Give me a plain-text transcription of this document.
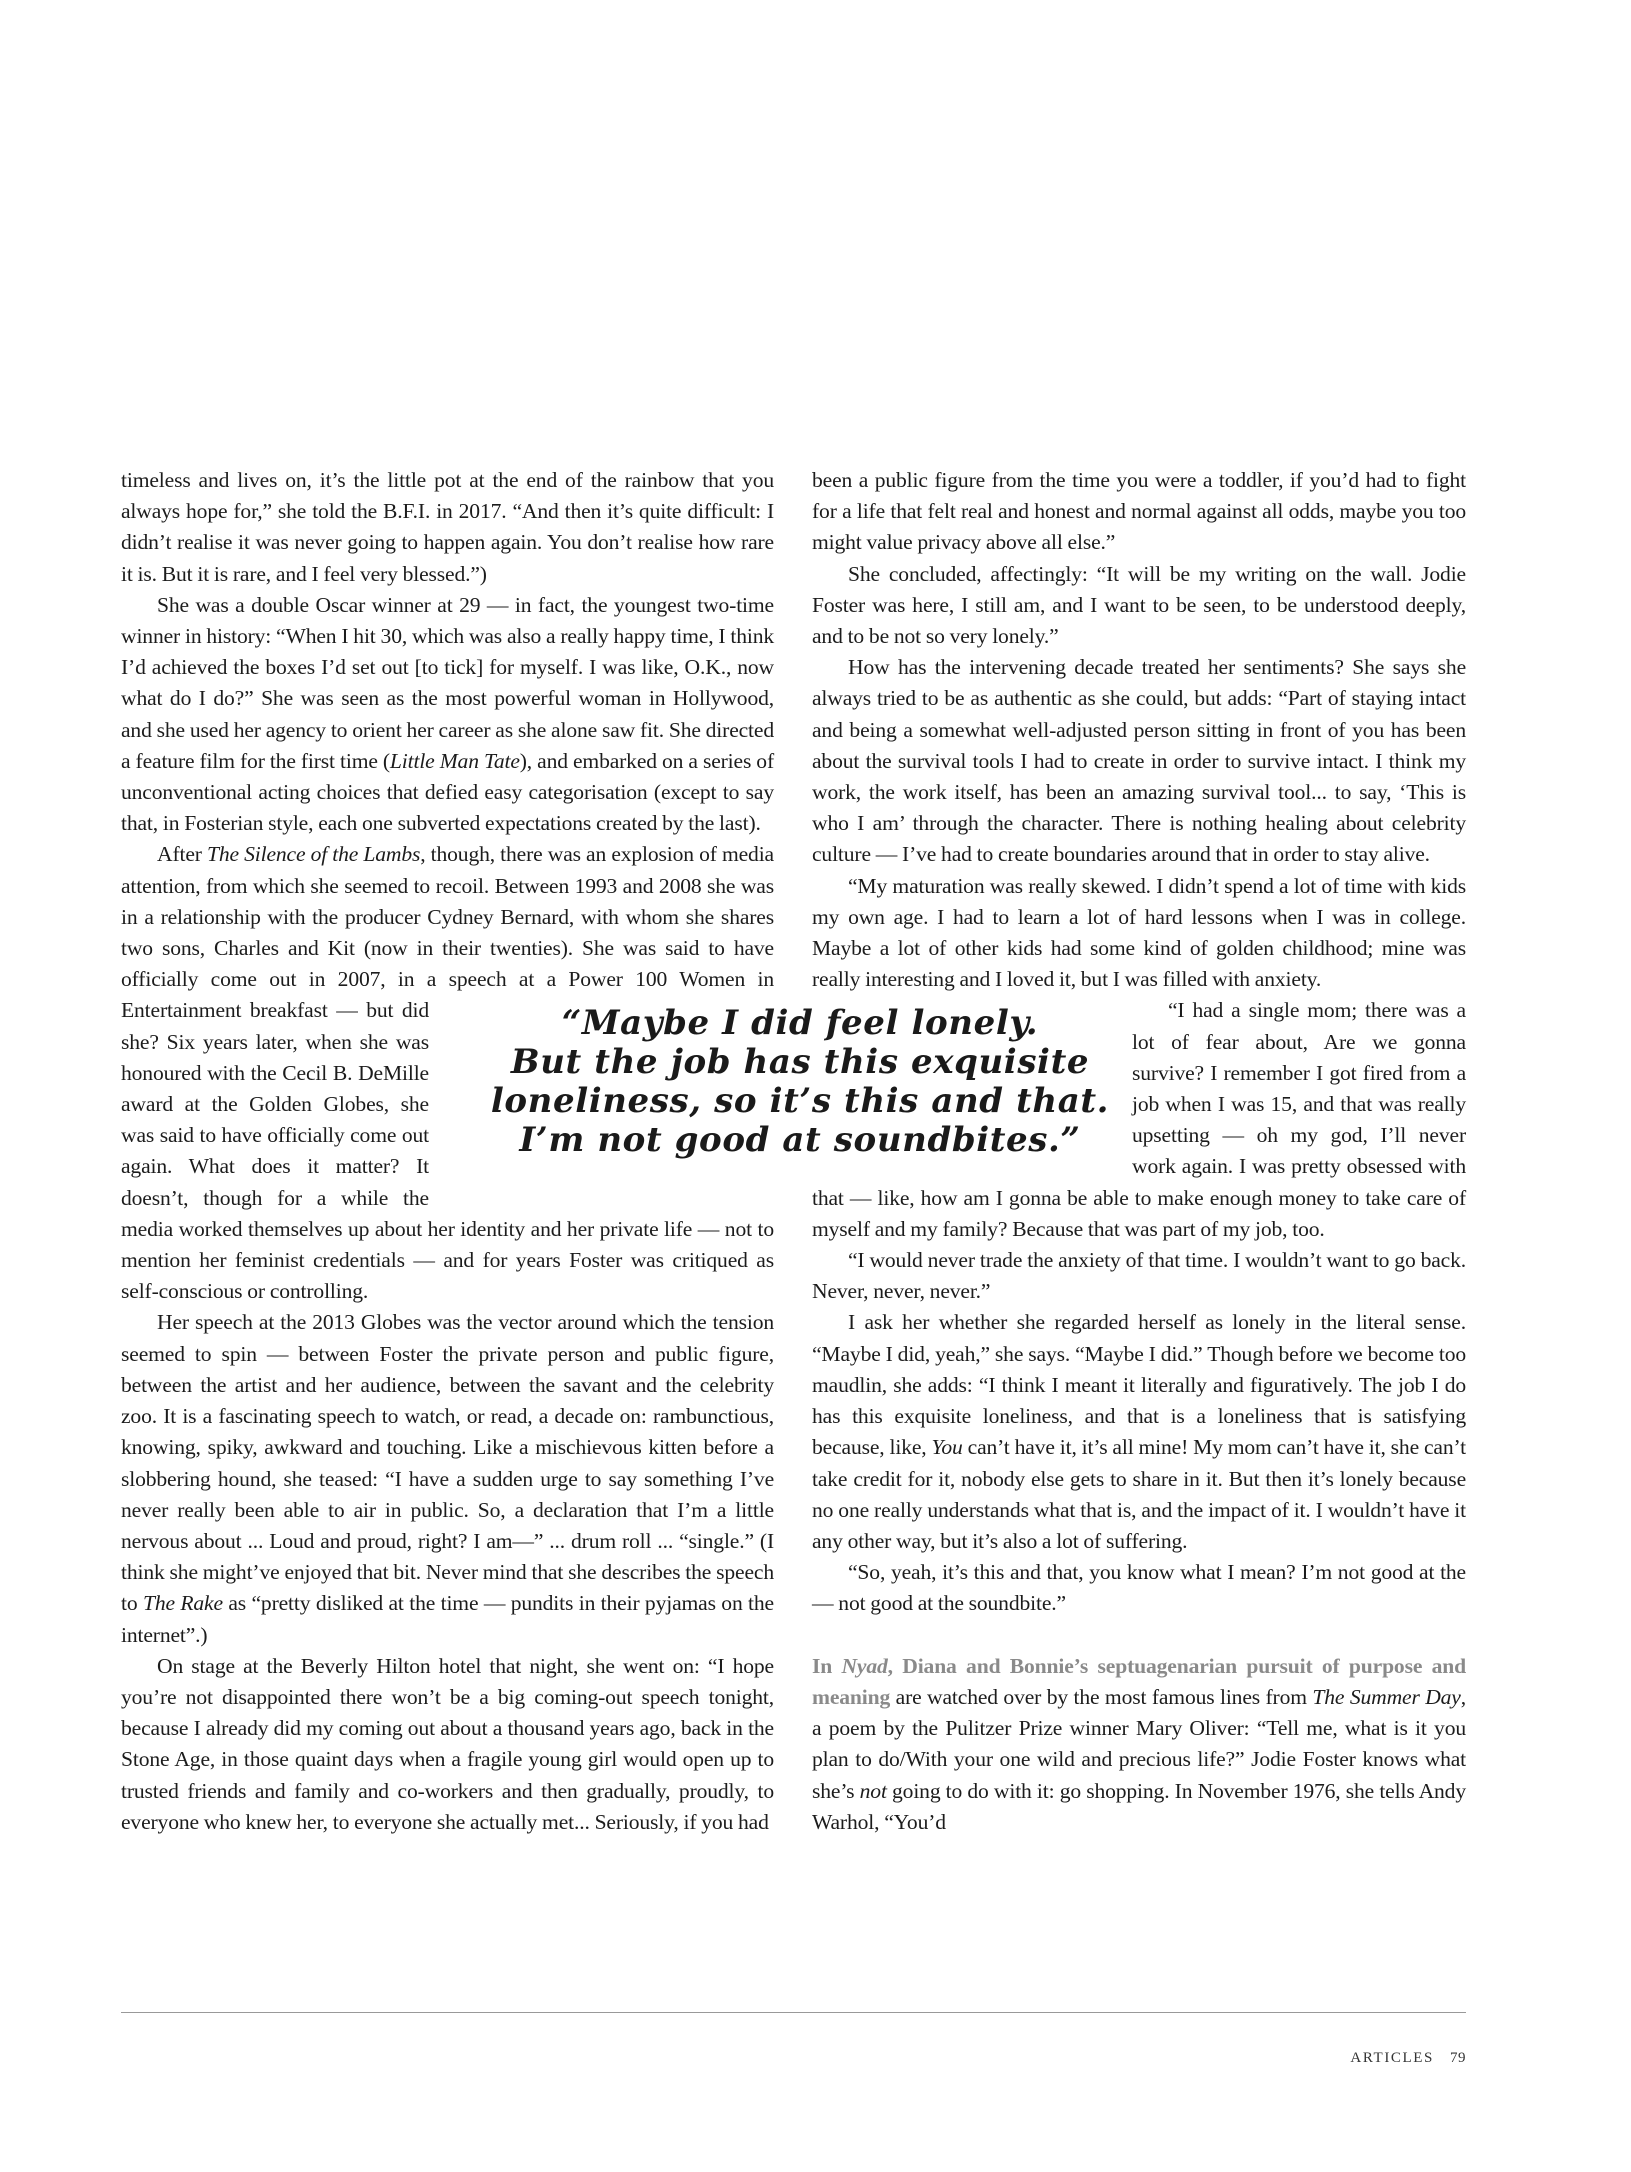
timeless and lives on, it’s the little pot at the end of the rainbow that you always hope for,” she told the B.F.I. in 2017. “And then it’s quite difficult: I didn’t realise it was never going to happen again. You don’t realise how rare it is. But it is rare, and I feel very blessed.”)

She was a double Oscar winner at 29 — in fact, the youngest two-time winner in history: “When I hit 30, which was also a really happy time, I think I’d achieved the boxes I’d set out [to tick] for myself. I was like, O.K., now what do I do?” She was seen as the most powerful woman in Hollywood, and she used her agency to orient her career as she alone saw fit. She directed a feature film for the first time (Little Man Tate), and embarked on a series of unconventional acting choices that defied easy categorisation (except to say that, in Fosterian style, each one subverted expectations created by the last).

After The Silence of the Lambs, though, there was an explosion of media attention, from which she seemed to recoil. Between 1993 and 2008 she was in a relationship with the producer Cydney Bernard, with whom she shares two sons, Charles and Kit (now in their twenties). She was said to have officially come out in 2007, in a speech at a Power 100 Women in Entertainment
breakfast — but did she? Six years later, when she was honoured with the Cecil B. DeMille award at the Golden Globes, she was said to have officially come out again. What does it matter? It doesn’t, though for a while the media worked themselves up about her identity and her private life — not to mention her feminist credentials — and for years Foster was critiqued as self-conscious or controlling.

Her speech at the 2013 Globes was the vector around which the tension seemed to spin — between Foster the private person and public figure, between the artist and her audience, between the savant and the celebrity zoo. It is a fascinating speech to watch, or read, a decade on: rambunctious, knowing, spiky, awkward and touching. Like a mischievous kitten before a slobbering hound, she teased: “I have a sudden urge to say something I’ve never really been able to air in public. So, a declaration that I’m a little nervous about ... Loud and proud, right? I am—” ... drum roll ... “single.” (I think she might’ve enjoyed that bit. Never mind that she describes the speech to The Rake as “pretty disliked at the time — pundits in their pyjamas on the internet”.)

On stage at the Beverly Hilton hotel that night, she went on: “I hope you’re not disappointed there won’t be a big coming-out speech tonight, because I already did my coming out about a thousand years ago, back in the Stone Age, in those quaint days when a fragile young girl would open up to trusted friends and family and co-workers and then gradually, proudly, to everyone who knew her, to everyone she actually met... Seriously, if you had

been a public figure from the time you were a toddler, if you’d had to fight for a life that felt real and honest and normal against all odds, maybe you too might value privacy above all else.”

She concluded, affectingly: “It will be my writing on the wall. Jodie Foster was here, I still am, and I want to be seen, to be understood deeply, and to be not so very lonely.”

How has the intervening decade treated her sentiments? She says she always tried to be as authentic as she could, but adds: “Part of staying intact and being a somewhat well-adjusted person sitting in front of you has been about the survival tools I had to create in order to survive intact. I think my work, the work itself, has been an amazing survival tool... to say, ‘This is who I am’ through the character. There is nothing healing about celebrity culture — I’ve had to create boundaries around that in order to stay alive.

“My maturation was really skewed. I didn’t spend a lot of time with kids my own age. I had to learn a lot of hard lessons when I was in college. Maybe a lot of other kids had some kind of golden childhood; mine was really interesting and I loved it, but I was filled with anxiety.

“I
had a single mom; there was a lot of fear about, Are we gonna survive? I remember I got fired from a job when I was 15, and that was really upsetting — oh my god, I’ll never work again. I was pretty obsessed with that — like, how am I gonna be able to make enough money to take care of myself and my family? Because that was part of my job, too.

“I would never trade the anxiety of that time. I wouldn’t want to go back. Never, never, never.”

I ask her whether she regarded herself as lonely in the literal sense. “Maybe I did, yeah,” she says. “Maybe I did.” Though before we become too maudlin, she adds: “I think I meant it literally and figuratively. The job I do has this exquisite loneliness, and that is a loneliness that is satisfying because, like, You can’t have it, it’s all mine! My mom can’t have it, she can’t take credit for it, nobody else gets to share in it. But then it’s lonely because no one really understands what that is, and the impact of it. I wouldn’t have it any other way, but it’s also a lot of suffering.

“So, yeah, it’s this and that, you know what I mean? I’m not good at the — not good at the soundbite.”

In Nyad, Diana and Bonnie’s septuagenarian pursuit of purpose and meaning are watched over by the most famous lines from The Summer Day, a poem by the Pulitzer Prize winner Mary Oliver: “Tell me, what is it you plan to do/With your one wild and precious life?” Jodie Foster knows what she’s not going to do with it: go shopping. In November 1976, she tells Andy Warhol, “You’d

“Maybe I did feel lonely.
But the job has this exquisite
loneliness, so it’s this and that.
I’m not good at soundbites.”
ARTICLES 79
